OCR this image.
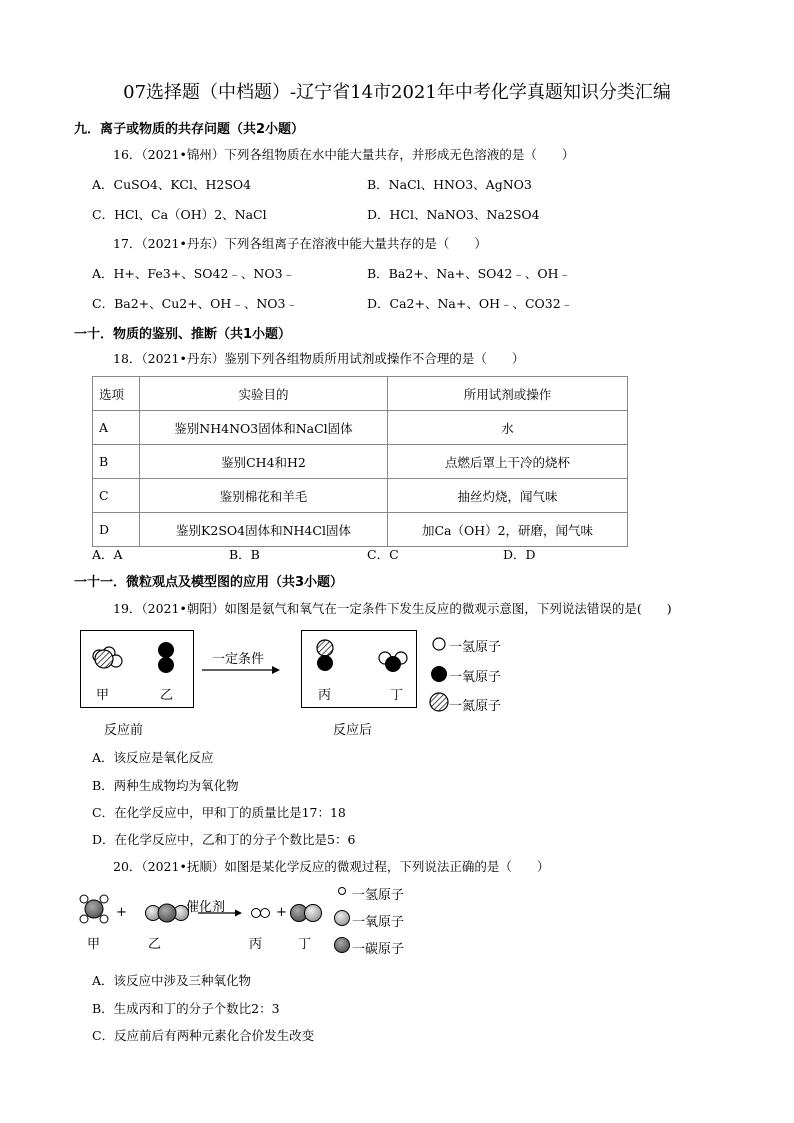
07选择题（中档题）-辽宁省14市2021年中考化学真题知识分类汇编
九．离子或物质的共存问题（共2小题）
16．（2021•锦州）下列各组物质在水中能大量共存，并形成无色溶液的是（　　）
A．CuSO4、KCl、H2SO4	B．NaCl、HNO3、AgNO3
C．HCl、Ca（OH）2、NaCl	D．HCl、NaNO3、Na2SO4
17．（2021•丹东）下列各组离子在溶液中能大量共存的是（　　）
A．H+、Fe3+、SO42﹣、NO3﹣	B．Ba2+、Na+、SO42﹣、OH﹣
C．Ba2+、Cu2+、OH﹣、NO3﹣	D．Ca2+、Na+、OH﹣、CO32﹣
一十．物质的鉴别、推断（共1小题）
18．（2021•丹东）鉴别下列各组物质所用试剂或操作不合理的是（　　）
选项	实验目的	所用试剂或操作
A	鉴别NH4NO3固体和NaCl固体	水
B	鉴别CH4和H2	点燃后罩上干冷的烧杯
C	鉴别棉花和羊毛	抽丝灼烧，闻气味
D	鉴别K2SO4固体和NH4Cl固体	加Ca（OH）2，研磨，闻气味
A．A	B．B	C．C	D．D
一十一．微粒观点及模型图的应用（共3小题）
19．（2021•朝阳）如图是氨气和氧气在一定条件下发生反应的微观示意图，下列说法错误的是(　　)
甲	乙
反应前
一定条件
丙	丁
反应后
一氢原子
一氧原子
一氮原子
A．该反应是氧化反应
B．两种生成物均为氧化物
C．在化学反应中，甲和丁的质量比是17：18
D．在化学反应中，乙和丁的分子个数比是5：6
20．（2021•抚顺）如图是某化学反应的微观过程，下列说法正确的是（　　）
+	+
催化剂
甲	乙	丙	丁
一氢原子
一氧原子
一碳原子
A．该反应中涉及三种氧化物
B．生成丙和丁的分子个数比2：3
C．反应前后有两种元素化合价发生改变
